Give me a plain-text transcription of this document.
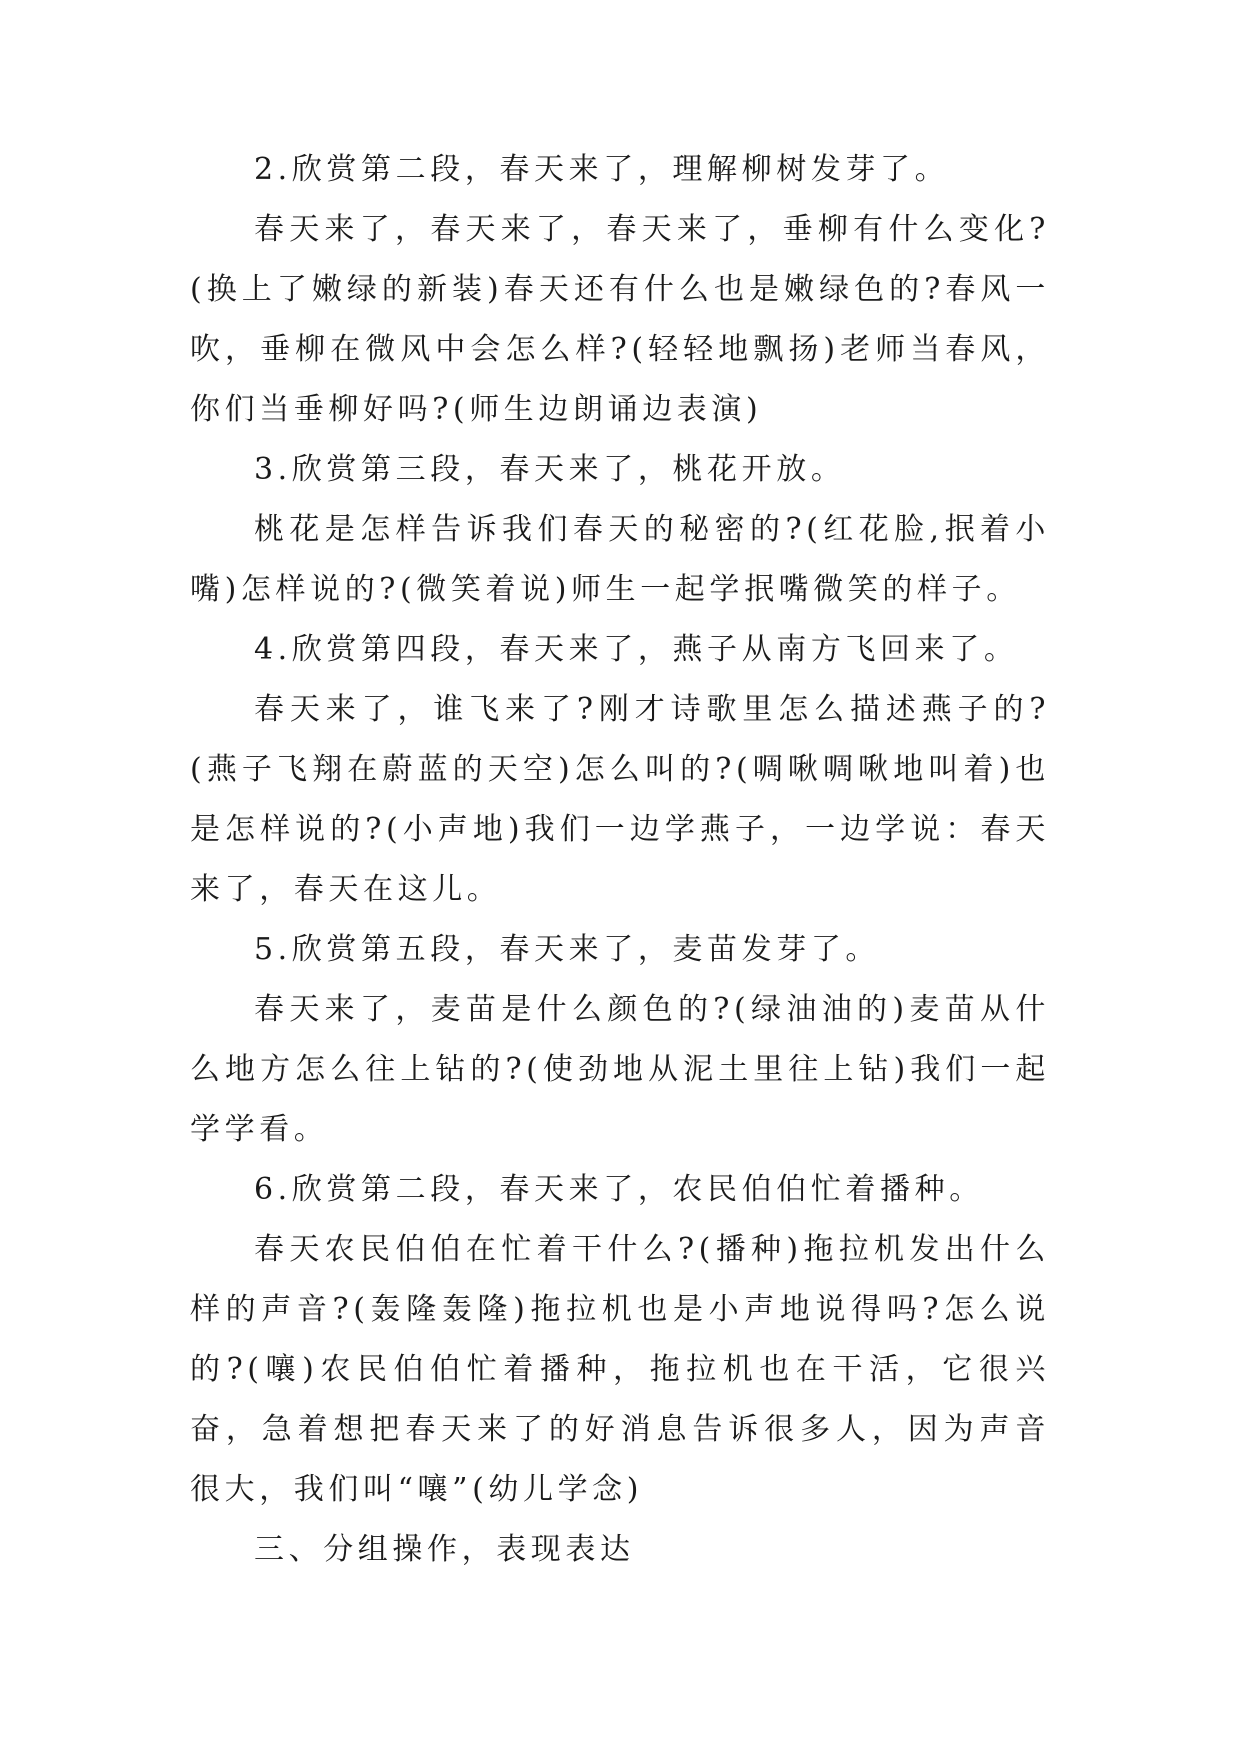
2.欣赏第二段，春天来了，理解柳树发芽了。

春天来了，春天来了，春天来了，垂柳有什么变化?(换上了嫩绿的新装)春天还有什么也是嫩绿色的?春风一吹，垂柳在微风中会怎么样?(轻轻地飘扬)老师当春风，你们当垂柳好吗?(师生边朗诵边表演)

3.欣赏第三段，春天来了，桃花开放。

桃花是怎样告诉我们春天的秘密的?(红花脸,抿着小嘴)怎样说的?(微笑着说)师生一起学抿嘴微笑的样子。

4.欣赏第四段，春天来了，燕子从南方飞回来了。

春天来了，谁飞来了?刚才诗歌里怎么描述燕子的?(燕子飞翔在蔚蓝的天空)怎么叫的?(啁啾啁啾地叫着)也是怎样说的?(小声地)我们一边学燕子，一边学说：春天来了，春天在这儿。

5.欣赏第五段，春天来了，麦苗发芽了。

春天来了，麦苗是什么颜色的?(绿油油的)麦苗从什么地方怎么往上钻的?(使劲地从泥土里往上钻)我们一起学学看。

6.欣赏第二段，春天来了，农民伯伯忙着播种。

春天农民伯伯在忙着干什么?(播种)拖拉机发出什么样的声音?(轰隆轰隆)拖拉机也是小声地说得吗?怎么说的?(嚷)农民伯伯忙着播种，拖拉机也在干活，它很兴奋，急着想把春天来了的好消息告诉很多人，因为声音很大，我们叫“嚷”(幼儿学念)

三、分组操作，表现表达
